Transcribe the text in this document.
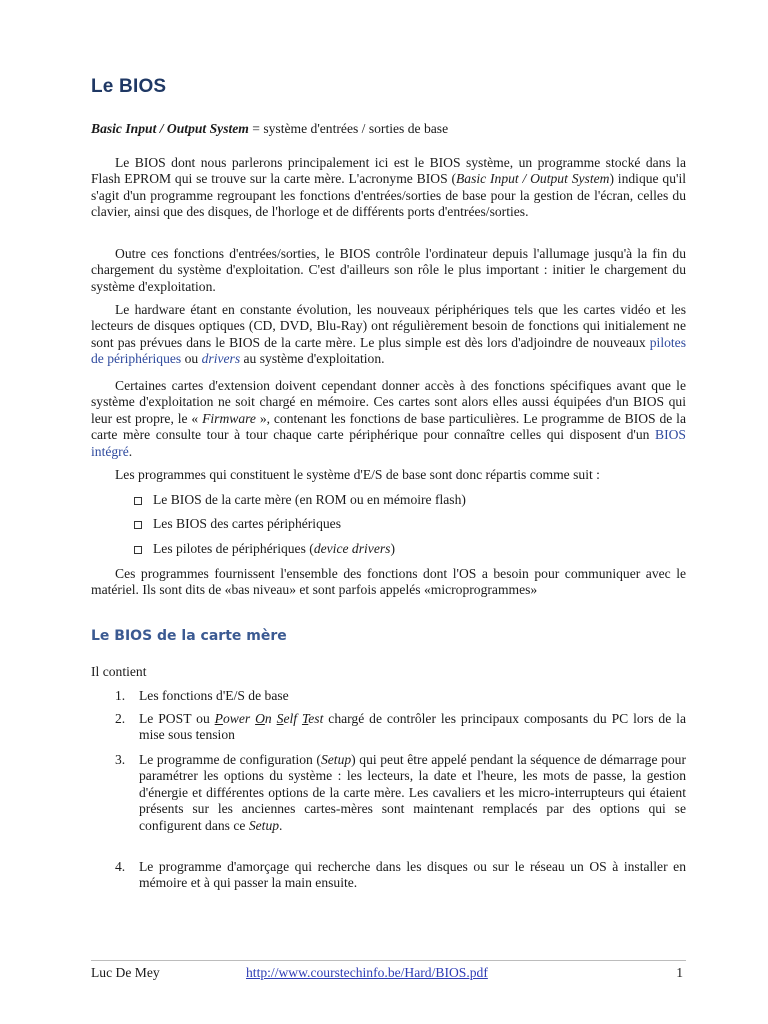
Le BIOS

Basic Input / Output System = système d'entrées / sorties de base

Le BIOS dont nous parlerons principalement ici est le BIOS système, un programme stocké dans la Flash EPROM qui se trouve sur la carte mère. L'acronyme BIOS (Basic Input / Output System) indique qu'il s'agit d'un programme regroupant les fonctions d'entrées/sorties de base pour la gestion de l'écran, celles du clavier, ainsi que des disques, de l'horloge et de différents ports d'entrées/sorties.

Outre ces fonctions d'entrées/sorties, le BIOS contrôle l'ordinateur depuis l'allumage jusqu'à la fin du chargement du système d'exploitation. C'est d'ailleurs son rôle le plus important : initier le chargement du système d'exploitation.

Le hardware étant en constante évolution, les nouveaux périphériques tels que les cartes vidéo et les lecteurs de disques optiques (CD, DVD, Blu-Ray) ont régulièrement besoin de fonctions qui initialement ne sont pas prévues dans le BIOS de la carte mère. Le plus simple est dès lors d'adjoindre de nouveaux pilotes de périphériques ou drivers au système d'exploitation.

Certaines cartes d'extension doivent cependant donner accès à des fonctions spécifiques avant que le système d'exploitation ne soit chargé en mémoire. Ces cartes sont alors elles aussi équipées d'un BIOS qui leur est propre, le « Firmware », contenant les fonctions de base particulières. Le programme de BIOS de la carte mère consulte tour à tour chaque carte périphérique pour connaître celles qui disposent d'un BIOS intégré.

Les programmes qui constituent le système d'E/S de base sont donc répartis comme suit :

Le BIOS de la carte mère (en ROM ou en mémoire flash)
Les BIOS des cartes périphériques
Les pilotes de périphériques (device drivers)

Ces programmes fournissent l'ensemble des fonctions dont l'OS a besoin pour communiquer avec le matériel. Ils sont dits de «bas niveau» et sont parfois appelés «microprogrammes»

Le BIOS de la carte mère

Il contient

1.	Les fonctions d'E/S de base
2.	Le POST ou Power On Self Test chargé de contrôler les principaux composants du PC lors de la mise sous tension
3.	Le programme de configuration (Setup) qui peut être appelé pendant la séquence de démarrage pour paramétrer les options du système : les lecteurs, la date et l'heure, les mots de passe, la gestion d'énergie et différentes options de la carte mère. Les cavaliers et les micro-interrupteurs qui étaient présents sur les anciennes cartes-mères sont maintenant remplacés par des options qui se configurent dans ce Setup.
4.	Le programme d'amorçage qui recherche dans les disques ou sur le réseau un OS à installer en mémoire et à qui passer la main ensuite.
Luc De Mey	http://www.courstechinfo.be/Hard/BIOS.pdf	1
